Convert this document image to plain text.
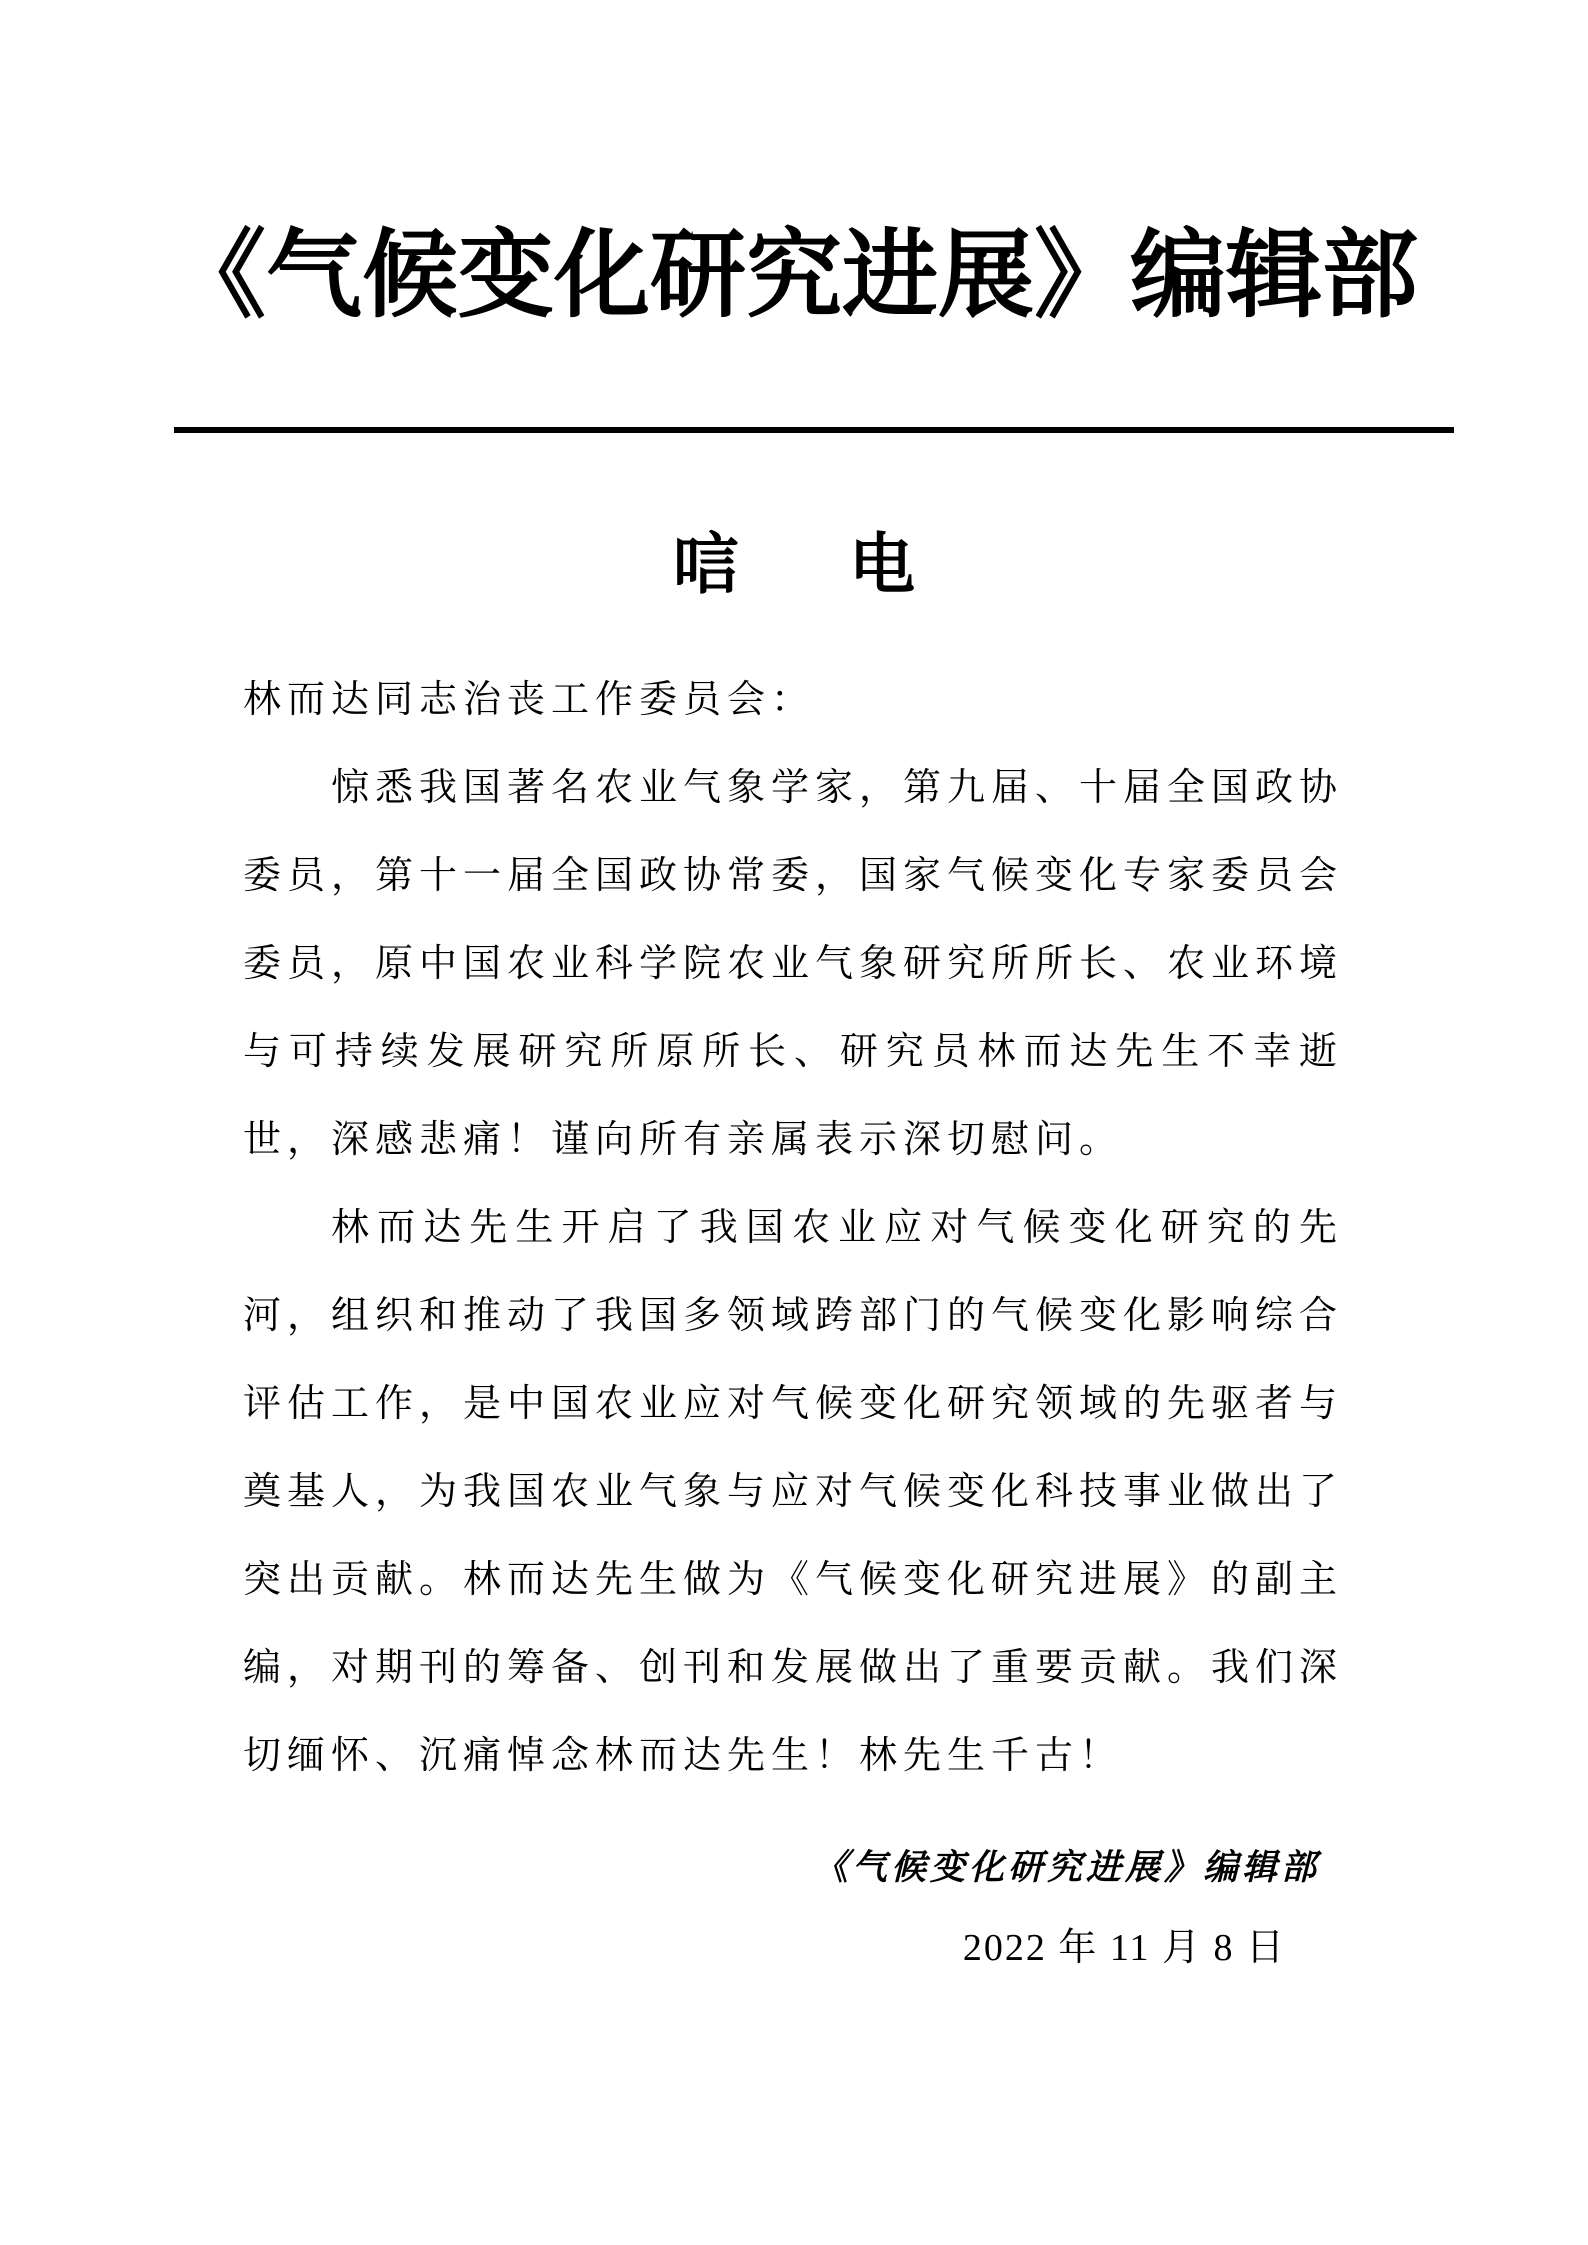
《气候变化研究进展》编辑部
唁 电

林而达同志治丧工作委员会：

惊悉我国著名农业气象学家，第九届、十届全国政协委员，第十一届全国政协常委，国家气候变化专家委员会委员，原中国农业科学院农业气象研究所所长、农业环境与可持续发展研究所原所长、研究员林而达先生不幸逝世，深感悲痛！谨向所有亲属表示深切慰问。

林而达先生开启了我国农业应对气候变化研究的先河，组织和推动了我国多领域跨部门的气候变化影响综合评估工作，是中国农业应对气候变化研究领域的先驱者与奠基人，为我国农业气象与应对气候变化科技事业做出了突出贡献。林而达先生做为《气候变化研究进展》的副主编，对期刊的筹备、创刊和发展做出了重要贡献。我们深切缅怀、沉痛悼念林而达先生！林先生千古！

《气候变化研究进展》编辑部
2022 年 11 月 8 日
